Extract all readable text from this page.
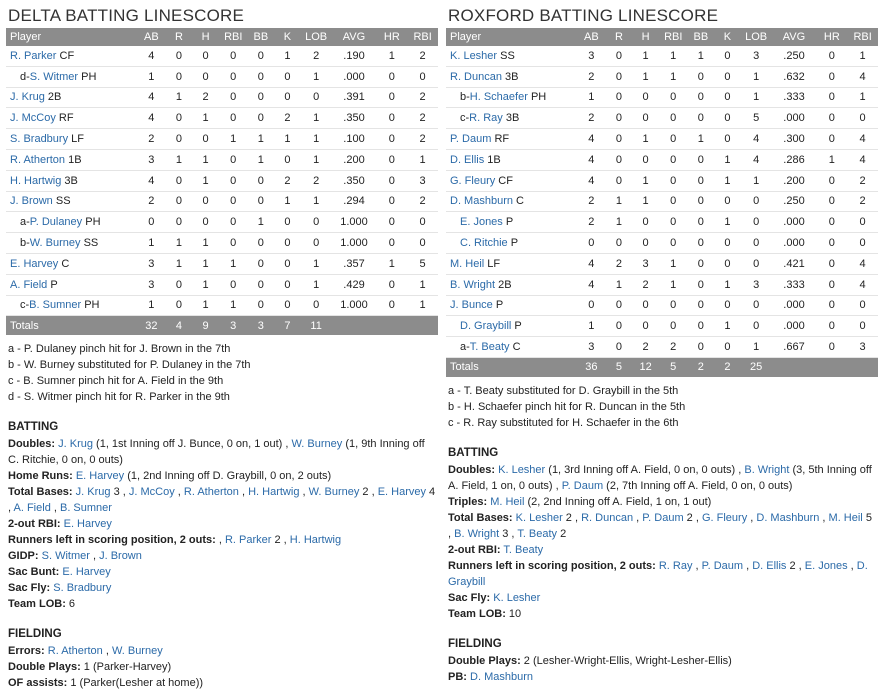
DELTA BATTING LINESCORE
Player	AB	R	H	RBI	BB	K	LOB	AVG	HR	RBI
R. Parker CF	4	0	0	0	0	1	2	.190	1	2
d-S. Witmer PH	1	0	0	0	0	0	1	.000	0	0
J. Krug 2B	4	1	2	0	0	0	0	.391	0	2
J. McCoy RF	4	0	1	0	0	2	1	.350	0	2
S. Bradbury LF	2	0	0	1	1	1	1	.100	0	2
R. Atherton 1B	3	1	1	0	1	0	1	.200	0	1
H. Hartwig 3B	4	0	1	0	0	2	2	.350	0	3
J. Brown SS	2	0	0	0	0	1	1	.294	0	2
a-P. Dulaney PH	0	0	0	0	1	0	0	1.000	0	0
b-W. Burney SS	1	1	1	0	0	0	0	1.000	0	0
E. Harvey C	3	1	1	1	0	0	1	.357	1	5
A. Field P	3	0	1	0	0	0	1	.429	0	1
c-B. Sumner PH	1	0	1	1	0	0	0	1.000	0	1
Totals	32	4	9	3	3	7	11			
a - P. Dulaney pinch hit for J. Brown in the 7th
b - W. Burney substituted for P. Dulaney in the 7th
c - B. Sumner pinch hit for A. Field in the 9th
d - S. Witmer pinch hit for R. Parker in the 9th
BATTING
Doubles: J. Krug (1, 1st Inning off J. Bunce, 0 on, 1 out) , W. Burney (1, 9th Inning off C. Ritchie, 0 on, 0 outs)
Home Runs: E. Harvey (1, 2nd Inning off D. Graybill, 0 on, 2 outs)
Total Bases: J. Krug 3 , J. McCoy , R. Atherton , H. Hartwig , W. Burney 2 , E. Harvey 4 , A. Field , B. Sumner
2-out RBI: E. Harvey
Runners left in scoring position, 2 outs: , R. Parker 2 , H. Hartwig
GIDP: S. Witmer , J. Brown
Sac Bunt: E. Harvey
Sac Fly: S. Bradbury
Team LOB: 6
FIELDING
Errors: R. Atherton , W. Burney
Double Plays: 1 (Parker-Harvey)
OF assists: 1 (Parker(Lesher at home))
ROXFORD BATTING LINESCORE
Player	AB	R	H	RBI	BB	K	LOB	AVG	HR	RBI
K. Lesher SS	3	0	1	1	1	0	3	.250	0	1
R. Duncan 3B	2	0	1	1	0	0	1	.632	0	4
b-H. Schaefer PH	1	0	0	0	0	0	1	.333	0	1
c-R. Ray 3B	2	0	0	0	0	0	5	.000	0	0
P. Daum RF	4	0	1	0	1	0	4	.300	0	4
D. Ellis 1B	4	0	0	0	0	1	4	.286	1	4
G. Fleury CF	4	0	1	0	0	1	1	.200	0	2
D. Mashburn C	2	1	1	0	0	0	0	.250	0	2
E. Jones P	2	1	0	0	0	1	0	.000	0	0
C. Ritchie P	0	0	0	0	0	0	0	.000	0	0
M. Heil LF	4	2	3	1	0	0	0	.421	0	4
B. Wright 2B	4	1	2	1	0	1	3	.333	0	4
J. Bunce P	0	0	0	0	0	0	0	.000	0	0
D. Graybill P	1	0	0	0	0	1	0	.000	0	0
a-T. Beaty C	3	0	2	2	0	0	1	.667	0	3
Totals	36	5	12	5	2	2	25			
a - T. Beaty substituted for D. Graybill in the 5th
b - H. Schaefer pinch hit for R. Duncan in the 5th
c - R. Ray substituted for H. Schaefer in the 6th
BATTING
Doubles: K. Lesher (1, 3rd Inning off A. Field, 0 on, 0 outs) , B. Wright (3, 5th Inning off A. Field, 1 on, 0 outs) , P. Daum (2, 7th Inning off A. Field, 0 on, 0 outs)
Triples: M. Heil (2, 2nd Inning off A. Field, 1 on, 1 out)
Total Bases: K. Lesher 2 , R. Duncan , P. Daum 2 , G. Fleury , D. Mashburn , M. Heil 5 , B. Wright 3 , T. Beaty 2
2-out RBI: T. Beaty
Runners left in scoring position, 2 outs: R. Ray , P. Daum , D. Ellis 2 , E. Jones , D. Graybill
Sac Fly: K. Lesher
Team LOB: 10
FIELDING
Double Plays: 2 (Lesher-Wright-Ellis, Wright-Lesher-Ellis)
PB: D. Mashburn
